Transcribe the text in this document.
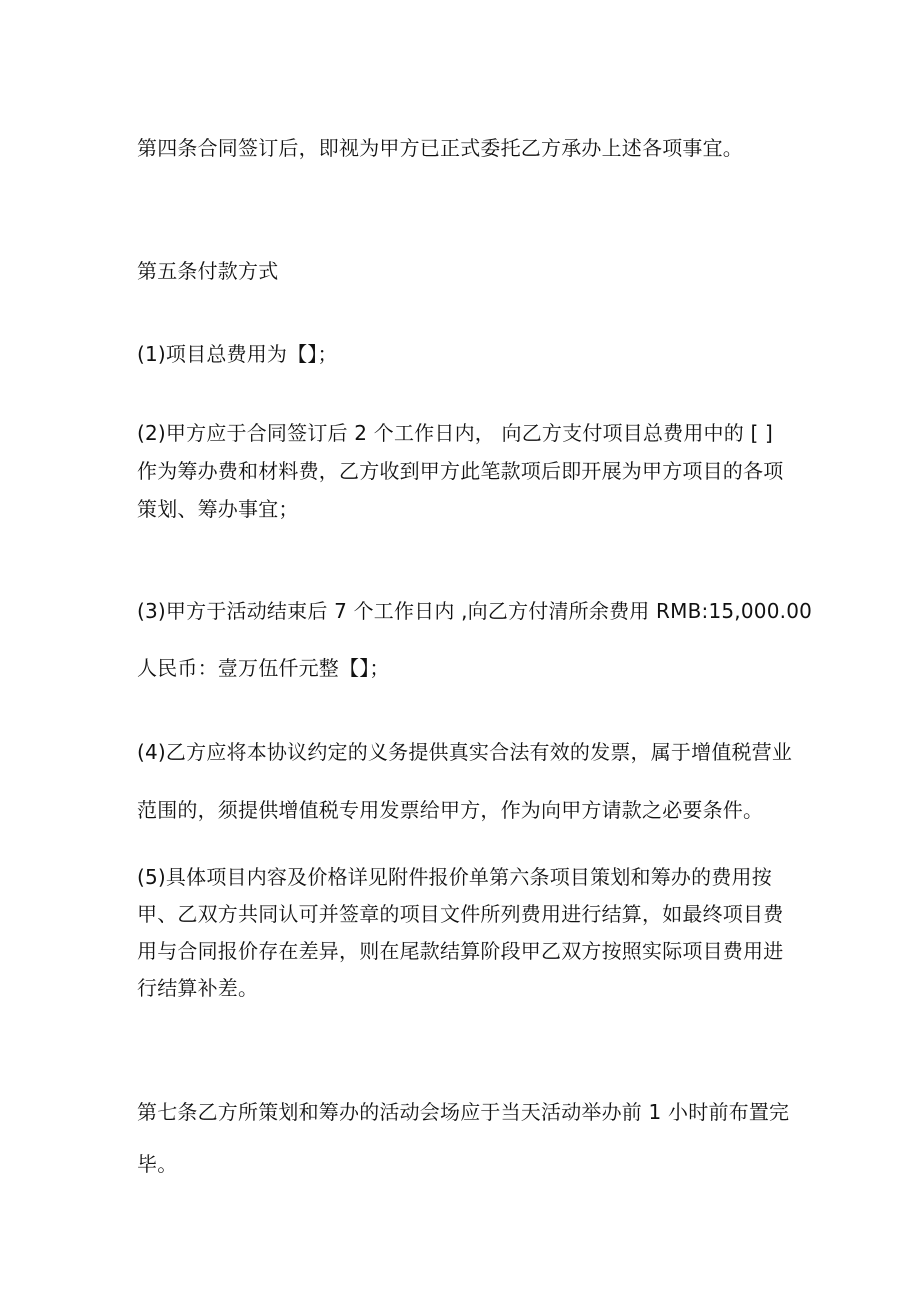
第四条合同签订后，即视为甲方已正式委托乙方承办上述各项事宜。
第五条付款方式
(1)项目总费用为【】；
(2)甲方应于合同签订后 2 个工作日内， 向乙方支付项目总费用中的 [ ]
作为筹办费和材料费，乙方收到甲方此笔款项后即开展为甲方项目的各项
策划、筹办事宜；
(3)甲方于活动结束后 7 个工作日内 ,向乙方付清所余费用 RMB:15,000.00
人民币：壹万伍仟元整【】；
(4)乙方应将本协议约定的义务提供真实合法有效的发票，属于增值税营业
范围的，须提供增值税专用发票给甲方，作为向甲方请款之必要条件。
(5)具体项目内容及价格详见附件报价单第六条项目策划和筹办的费用按
甲、乙双方共同认可并签章的项目文件所列费用进行结算，如最终项目费
用与合同报价存在差异，则在尾款结算阶段甲乙双方按照实际项目费用进
行结算补差。
第七条乙方所策划和筹办的活动会场应于当天活动举办前 1 小时前布置完
毕。
